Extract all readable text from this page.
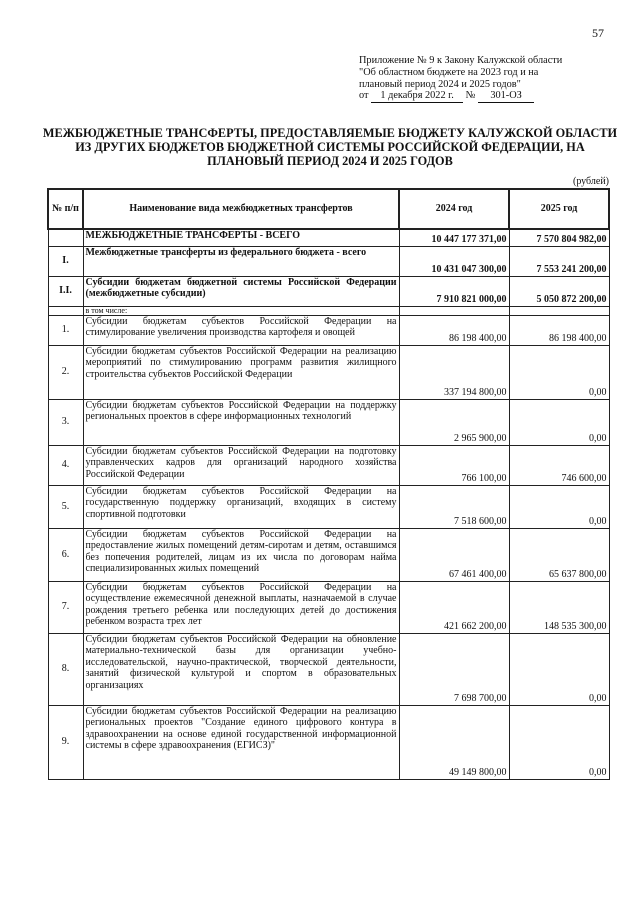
57
Приложение № 9 к Закону Калужской области
"Об областном бюджете на 2023 год и на
плановый период 2024 и 2025 годов"
от 1 декабря 2022 г. № 301-ОЗ
МЕЖБЮДЖЕТНЫЕ ТРАНСФЕРТЫ, ПРЕДОСТАВЛЯЕМЫЕ БЮДЖЕТУ КАЛУЖСКОЙ ОБЛАСТИ ИЗ ДРУГИХ БЮДЖЕТОВ БЮДЖЕТНОЙ СИСТЕМЫ РОССИЙСКОЙ ФЕДЕРАЦИИ, НА ПЛАНОВЫЙ ПЕРИОД 2024 И 2025 ГОДОВ
(рублей)
№ п/п	Наименование вида межбюджетных трансфертов	2024 год	2025 год
	МЕЖБЮДЖЕТНЫЕ ТРАНСФЕРТЫ - ВСЕГО	10 447 177 371,00	7 570 804 982,00
I.	Межбюджетные трансферты из федерального бюджета - всего	10 431 047 300,00	7 553 241 200,00
I.I.	Субсидии бюджетам бюджетной системы Российской Федерации (межбюджетные субсидии)	7 910 821 000,00	5 050 872 200,00
	в том числе:		
1.	Субсидии бюджетам субъектов Российской Федерации на стимулирование увеличения производства картофеля и овощей	86 198 400,00	86 198 400,00
2.	Субсидии бюджетам субъектов Российской Федерации на реализацию мероприятий по стимулированию программ развития жилищного строительства субъектов Российской Федерации	337 194 800,00	0,00
3.	Субсидии бюджетам субъектов Российской Федерации на поддержку региональных проектов в сфере информационных технологий	2 965 900,00	0,00
4.	Субсидии бюджетам субъектов Российской Федерации на подготовку управленческих кадров для организаций народного хозяйства Российской Федерации	766 100,00	746 600,00
5.	Субсидии бюджетам субъектов Российской Федерации на государственную поддержку организаций, входящих в систему спортивной подготовки	7 518 600,00	0,00
6.	Субсидии бюджетам субъектов Российской Федерации на предоставление жилых помещений детям-сиротам и детям, оставшимся без попечения родителей, лицам из их числа по договорам найма специализированных жилых помещений	67 461 400,00	65 637 800,00
7.	Субсидии бюджетам субъектов Российской Федерации на осуществление ежемесячной денежной выплаты, назначаемой в случае рождения третьего ребенка или последующих детей до достижения ребенком возраста трех лет	421 662 200,00	148 535 300,00
8.	Субсидии бюджетам субъектов Российской Федерации на обновление материально-технической базы для организации учебно-исследовательской, научно-практической, творческой деятельности, занятий физической культурой и спортом в образовательных организациях	7 698 700,00	0,00
9.	Субсидии бюджетам субъектов Российской Федерации на реализацию региональных проектов "Создание единого цифрового контура в здравоохранении на основе единой государственной информационной системы в сфере здравоохранения (ЕГИСЗ)"	49 149 800,00	0,00
